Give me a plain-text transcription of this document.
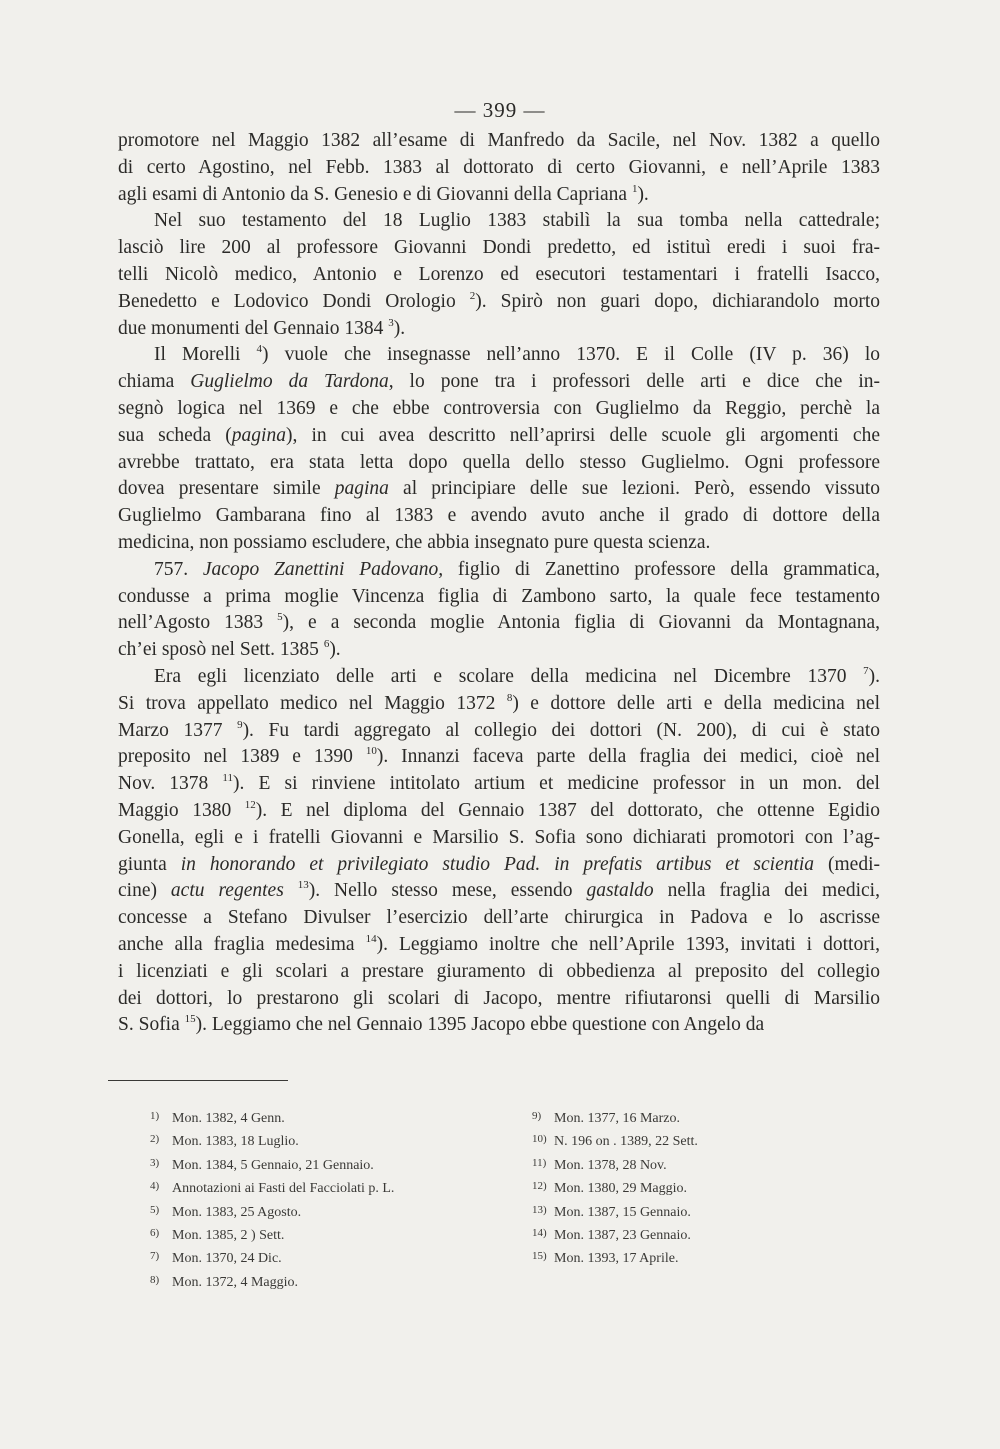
— 399 —
promotore nel Maggio 1382 all’esame di Manfredo da Sacile, nel Nov. 1382 a quello
di certo Agostino, nel Febb. 1383 al dottorato di certo Giovanni, e nell’Aprile 1383
agli esami di Antonio da S. Genesio e di Giovanni della Capriana $^1$).
Nel suo testamento del 18 Luglio 1383 stabilì la sua tomba nella cattedrale;
lasciò lire 200 al professore Giovanni Dondi predetto, ed istituì eredi i suoi fra-
telli Nicolò medico, Antonio e Lorenzo ed esecutori testamentari i fratelli Isacco,
Benedetto e Lodovico Dondi Orologio $^2$). Spirò non guari dopo, dichiarandolo morto
due monumenti del Gennaio 1384 $^3$).
Il Morelli $^4$) vuole che insegnasse nell’anno 1370. E il Colle (IV p. 36) lo
chiama Guglielmo da Tardona, lo pone tra i professori delle arti e dice che in-
segnò logica nel 1369 e che ebbe controversia con Guglielmo da Reggio, perchè la
sua scheda (pagina), in cui avea descritto nell’aprirsi delle scuole gli argomenti che
avrebbe trattato, era stata letta dopo quella dello stesso Guglielmo. Ogni professore
dovea presentare simile pagina al principiare delle sue lezioni. Però, essendo vissuto
Guglielmo Gambarana fino al 1383 e avendo avuto anche il grado di dottore della
medicina, non possiamo escludere, che abbia insegnato pure questa scienza.
757. Jacopo Zanettini Padovano, figlio di Zanettino professore della grammatica,
condusse a prima moglie Vincenza figlia di Zambono sarto, la quale fece testamento
nell’Agosto 1383 $^5$), e a seconda moglie Antonia figlia di Giovanni da Montagnana,
ch’ei sposò nel Sett. 1385 $^6$).
Era egli licenziato delle arti e scolare della medicina nel Dicembre 1370 $^7$).
Si trova appellato medico nel Maggio 1372 $^8$) e dottore delle arti e della medicina nel
Marzo 1377 $^9$). Fu tardi aggregato al collegio dei dottori (N. 200), di cui è stato
preposito nel 1389 e 1390 $^{10}$). Innanzi faceva parte della fraglia dei medici, cioè nel
Nov. 1378 $^{11}$). E si rinviene intitolato artium et medicine professor in un mon. del
Maggio 1380 $^{12}$). E nel diploma del Gennaio 1387 del dottorato, che ottenne Egidio
Gonella, egli e i fratelli Giovanni e Marsilio S. Sofia sono dichiarati promotori con l’ag-
giunta in honorando et privilegiato studio Pad. in prefatis artibus et scientia (medi-
cine) actu regentes $^{13}$). Nello stesso mese, essendo gastaldo nella fraglia dei medici,
concesse a Stefano Divulser l’esercizio dell’arte chirurgica in Padova e lo ascrisse
anche alla fraglia medesima $^{14}$). Leggiamo inoltre che nell’Aprile 1393, invitati i dottori,
i licenziati e gli scolari a prestare giuramento di obbedienza al preposito del collegio
dei dottori, lo prestarono gli scolari di Jacopo, mentre rifiutaronsi quelli di Marsilio
S. Sofia $^{15}$). Leggiamo che nel Gennaio 1395 Jacopo ebbe questione con Angelo da
1) Mon. 1382, 4 Genn.
2) Mon. 1383, 18 Luglio.
3) Mon. 1384, 5 Gennaio, 21 Gennaio.
4) Annotazioni ai Fasti del Facciolati p. L.
5) Mon. 1383, 25 Agosto.
6) Mon. 1385, 2 ) Sett.
7) Mon. 1370, 24 Dic.
8) Mon. 1372, 4 Maggio.
9) Mon. 1377, 16 Marzo.
10) N. 196 on . 1389, 22 Sett.
11) Mon. 1378, 28 Nov.
12) Mon. 1380, 29 Maggio.
13) Mon. 1387, 15 Gennaio.
14) Mon. 1387, 23 Gennaio.
15) Mon. 1393, 17 Aprile.
